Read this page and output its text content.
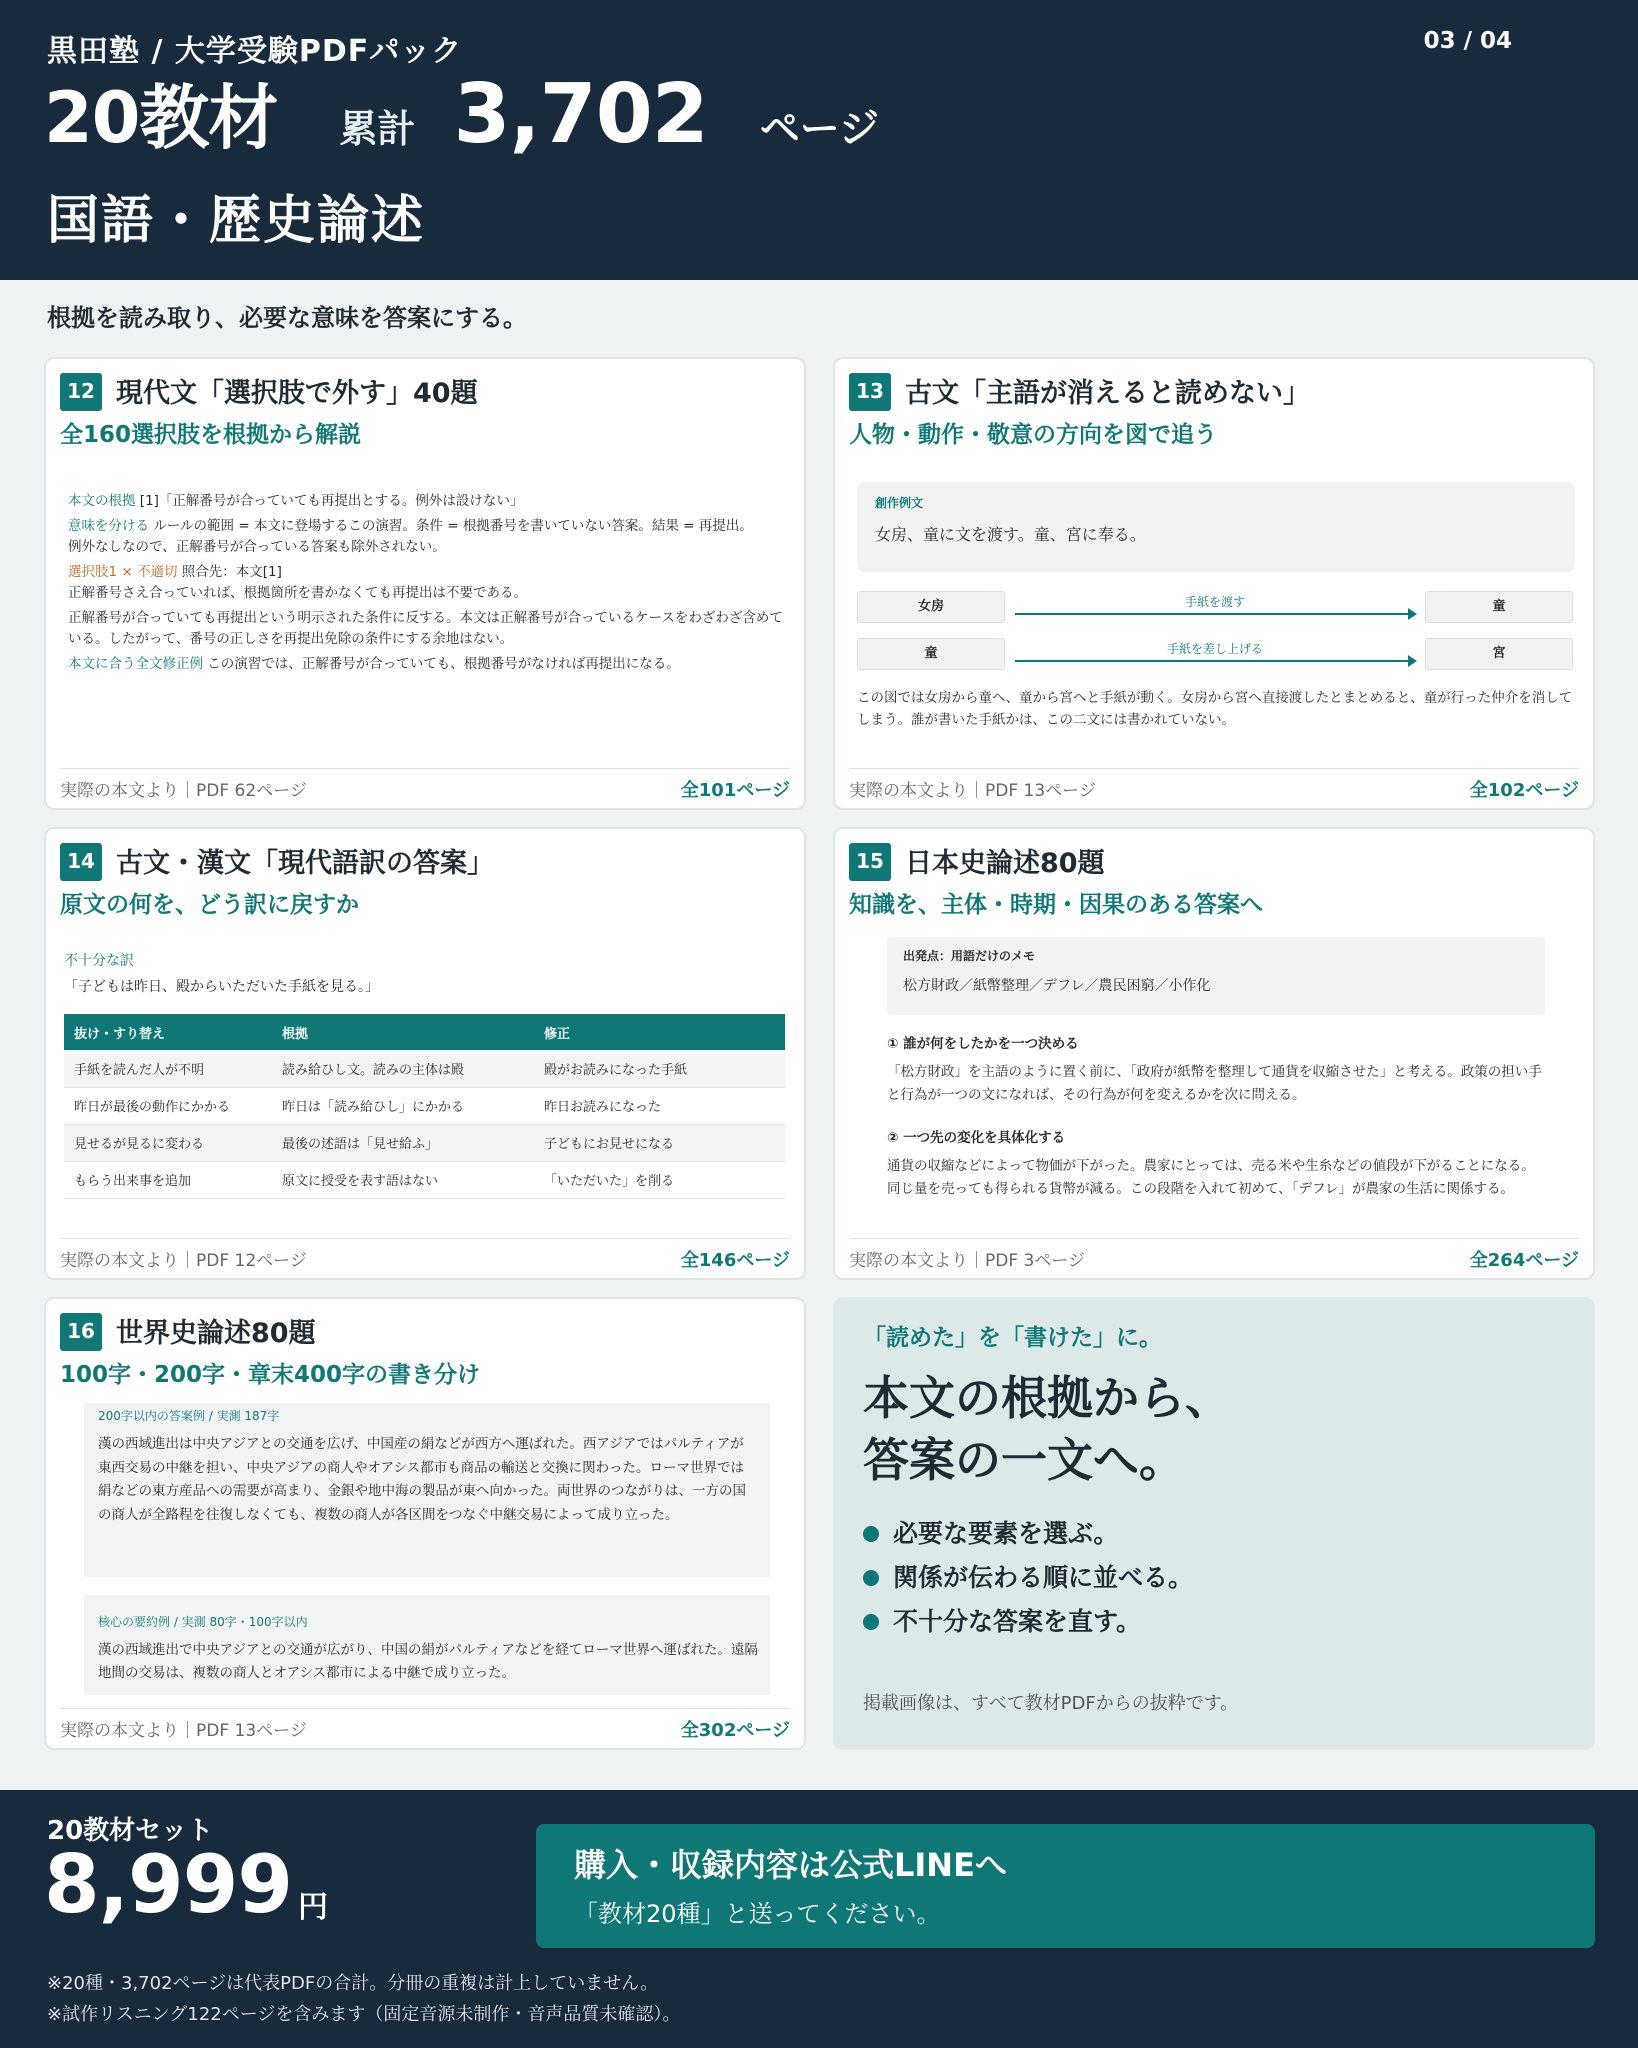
黒田塾 / 大学受験PDFパック	03 / 04
20教材 累計 3,702 ページ
国語・歴史論述
根拠を読み取り、必要な意味を答案にする。
12 現代文「選択肢で外す」40題
全160選択肢を根拠から解説
本文の根拠 [1]「正解番号が合っていても再提出とする。例外は設けない」
意味を分ける ルールの範囲 = 本文に登場するこの演習。条件 = 根拠番号を書いていない答案。結果 = 再提出。
例外なしなので、正解番号が合っている答案も除外されない。
選択肢1 × 不適切 照合先：本文[1]
正解番号さえ合っていれば、根拠箇所を書かなくても再提出は不要である。
正解番号が合っていても再提出という明示された条件に反する。本文は正解番号が合っているケースをわざわざ含めている。したがって、番号の正しさを再提出免除の条件にする余地はない。
本文に合う全文修正例 この演習では、正解番号が合っていても、根拠番号がなければ再提出になる。
実際の本文より｜PDF 62ページ	全101ページ
13 古文「主語が消えると読めない」
人物・動作・敬意の方向を図で追う
創作例文
女房、童に文を渡す。童、宮に奉る。
女房	手紙を渡す	童
童	手紙を差し上げる	宮
この図では女房から童へ、童から宮へと手紙が動く。女房から宮へ直接渡したとまとめると、童が行った仲介を消してしまう。誰が書いた手紙かは、この二文には書かれていない。
実際の本文より｜PDF 13ページ	全102ページ
14 古文・漢文「現代語訳の答案」
原文の何を、どう訳に戻すか
不十分な訳
「子どもは昨日、殿からいただいた手紙を見る。」
抜け・すり替え	根拠	修正
手紙を読んだ人が不明	読み給ひし文。読みの主体は殿	殿がお読みになった手紙
昨日が最後の動作にかかる	昨日は「読み給ひし」にかかる	昨日お読みになった
見せるが見るに変わる	最後の述語は「見せ給ふ」	子どもにお見せになる
もらう出来事を追加	原文に授受を表す語はない	「いただいた」を削る
実際の本文より｜PDF 12ページ	全146ページ
15 日本史論述80題
知識を、主体・時期・因果のある答案へ
出発点：用語だけのメモ
松方財政／紙幣整理／デフレ／農民困窮／小作化
① 誰が何をしたかを一つ決める
「松方財政」を主語のように置く前に、「政府が紙幣を整理して通貨を収縮させた」と考える。政策の担い手と行為が一つの文になれば、その行為が何を変えるかを次に問える。
② 一つ先の変化を具体化する
通貨の収縮などによって物価が下がった。農家にとっては、売る米や生糸などの値段が下がることになる。同じ量を売っても得られる貨幣が減る。この段階を入れて初めて、「デフレ」が農家の生活に関係する。
実際の本文より｜PDF 3ページ	全264ページ
16 世界史論述80題
100字・200字・章末400字の書き分け
200字以内の答案例 / 実測 187字
漢の西域進出は中央アジアとの交通を広げ、中国産の絹などが西方へ運ばれた。西アジアではパルティアが東西交易の中継を担い、中央アジアの商人やオアシス都市も商品の輸送と交換に関わった。ローマ世界では絹などの東方産品への需要が高まり、金銀や地中海の製品が東へ向かった。両世界のつながりは、一方の国の商人が全路程を往復しなくても、複数の商人が各区間をつなぐ中継交易によって成り立った。
核心の要約例 / 実測 80字・100字以内
漢の西域進出で中央アジアとの交通が広がり、中国の絹がパルティアなどを経てローマ世界へ運ばれた。遠隔地間の交易は、複数の商人とオアシス都市による中継で成り立った。
実際の本文より｜PDF 13ページ	全302ページ
「読めた」を「書けた」に。
本文の根拠から、
答案の一文へ。
必要な要素を選ぶ。
関係が伝わる順に並べる。
不十分な答案を直す。
掲載画像は、すべて教材PDFからの抜粋です。
20教材セット
8,999 円
購入・収録内容は公式LINEへ
「教材20種」と送ってください。
※20種・3,702ページは代表PDFの合計。分冊の重複は計上していません。
※試作リスニング122ページを含みます（固定音源未制作・音声品質未確認）。
